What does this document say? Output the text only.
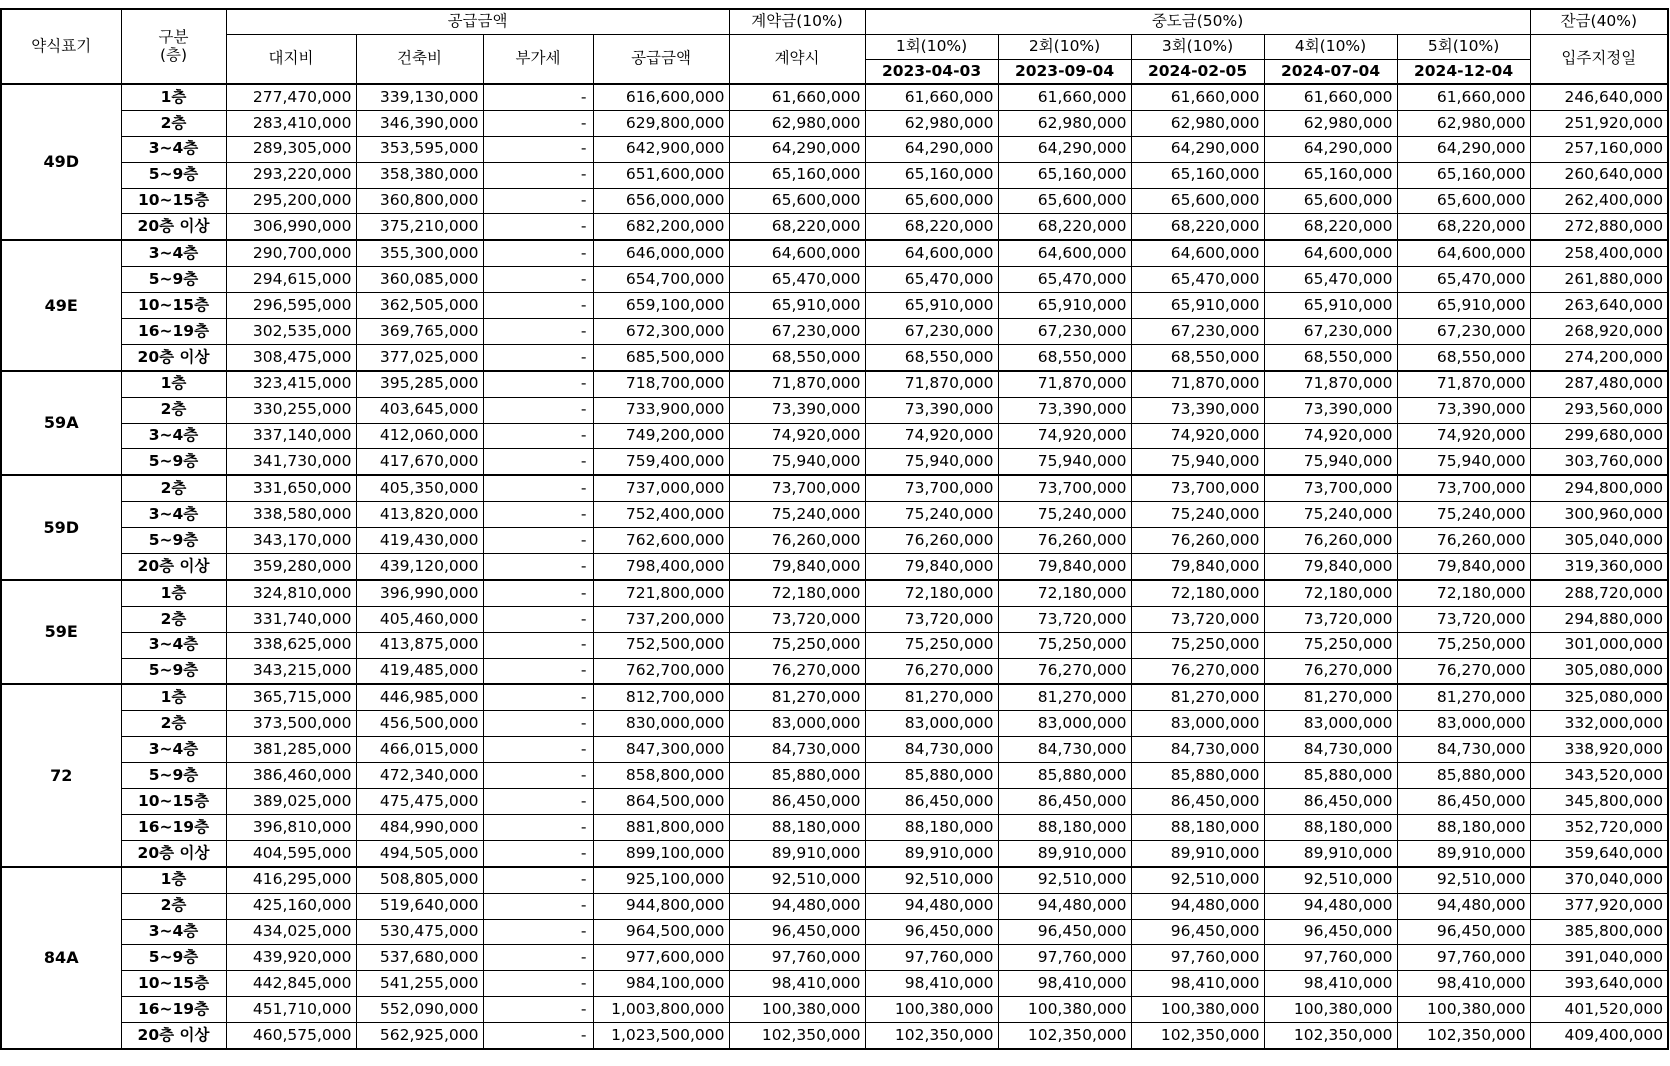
약식표기	구분
(층)	공급금액				계약금(10%)	중도금(50%)					잔금(40%)
		대지비	건축비	부가세	공급금액	계약시	1회(10%)	2회(10%)	3회(10%)	4회(10%)	5회(10%)	입주지정일
							2023-04-03	2023-09-04	2024-02-05	2024-07-04	2024-12-04	
49D	1층	277,470,000	339,130,000	-	616,600,000	61,660,000	61,660,000	61,660,000	61,660,000	61,660,000	61,660,000	246,640,000
	2층	283,410,000	346,390,000	-	629,800,000	62,980,000	62,980,000	62,980,000	62,980,000	62,980,000	62,980,000	251,920,000
	3~4층	289,305,000	353,595,000	-	642,900,000	64,290,000	64,290,000	64,290,000	64,290,000	64,290,000	64,290,000	257,160,000
	5~9층	293,220,000	358,380,000	-	651,600,000	65,160,000	65,160,000	65,160,000	65,160,000	65,160,000	65,160,000	260,640,000
	10~15층	295,200,000	360,800,000	-	656,000,000	65,600,000	65,600,000	65,600,000	65,600,000	65,600,000	65,600,000	262,400,000
	20층 이상	306,990,000	375,210,000	-	682,200,000	68,220,000	68,220,000	68,220,000	68,220,000	68,220,000	68,220,000	272,880,000
49E	3~4층	290,700,000	355,300,000	-	646,000,000	64,600,000	64,600,000	64,600,000	64,600,000	64,600,000	64,600,000	258,400,000
	5~9층	294,615,000	360,085,000	-	654,700,000	65,470,000	65,470,000	65,470,000	65,470,000	65,470,000	65,470,000	261,880,000
	10~15층	296,595,000	362,505,000	-	659,100,000	65,910,000	65,910,000	65,910,000	65,910,000	65,910,000	65,910,000	263,640,000
	16~19층	302,535,000	369,765,000	-	672,300,000	67,230,000	67,230,000	67,230,000	67,230,000	67,230,000	67,230,000	268,920,000
	20층 이상	308,475,000	377,025,000	-	685,500,000	68,550,000	68,550,000	68,550,000	68,550,000	68,550,000	68,550,000	274,200,000
59A	1층	323,415,000	395,285,000	-	718,700,000	71,870,000	71,870,000	71,870,000	71,870,000	71,870,000	71,870,000	287,480,000
	2층	330,255,000	403,645,000	-	733,900,000	73,390,000	73,390,000	73,390,000	73,390,000	73,390,000	73,390,000	293,560,000
	3~4층	337,140,000	412,060,000	-	749,200,000	74,920,000	74,920,000	74,920,000	74,920,000	74,920,000	74,920,000	299,680,000
	5~9층	341,730,000	417,670,000	-	759,400,000	75,940,000	75,940,000	75,940,000	75,940,000	75,940,000	75,940,000	303,760,000
59D	2층	331,650,000	405,350,000	-	737,000,000	73,700,000	73,700,000	73,700,000	73,700,000	73,700,000	73,700,000	294,800,000
	3~4층	338,580,000	413,820,000	-	752,400,000	75,240,000	75,240,000	75,240,000	75,240,000	75,240,000	75,240,000	300,960,000
	5~9층	343,170,000	419,430,000	-	762,600,000	76,260,000	76,260,000	76,260,000	76,260,000	76,260,000	76,260,000	305,040,000
	20층 이상	359,280,000	439,120,000	-	798,400,000	79,840,000	79,840,000	79,840,000	79,840,000	79,840,000	79,840,000	319,360,000
59E	1층	324,810,000	396,990,000	-	721,800,000	72,180,000	72,180,000	72,180,000	72,180,000	72,180,000	72,180,000	288,720,000
	2층	331,740,000	405,460,000	-	737,200,000	73,720,000	73,720,000	73,720,000	73,720,000	73,720,000	73,720,000	294,880,000
	3~4층	338,625,000	413,875,000	-	752,500,000	75,250,000	75,250,000	75,250,000	75,250,000	75,250,000	75,250,000	301,000,000
	5~9층	343,215,000	419,485,000	-	762,700,000	76,270,000	76,270,000	76,270,000	76,270,000	76,270,000	76,270,000	305,080,000
72	1층	365,715,000	446,985,000	-	812,700,000	81,270,000	81,270,000	81,270,000	81,270,000	81,270,000	81,270,000	325,080,000
	2층	373,500,000	456,500,000	-	830,000,000	83,000,000	83,000,000	83,000,000	83,000,000	83,000,000	83,000,000	332,000,000
	3~4층	381,285,000	466,015,000	-	847,300,000	84,730,000	84,730,000	84,730,000	84,730,000	84,730,000	84,730,000	338,920,000
	5~9층	386,460,000	472,340,000	-	858,800,000	85,880,000	85,880,000	85,880,000	85,880,000	85,880,000	85,880,000	343,520,000
	10~15층	389,025,000	475,475,000	-	864,500,000	86,450,000	86,450,000	86,450,000	86,450,000	86,450,000	86,450,000	345,800,000
	16~19층	396,810,000	484,990,000	-	881,800,000	88,180,000	88,180,000	88,180,000	88,180,000	88,180,000	88,180,000	352,720,000
	20층 이상	404,595,000	494,505,000	-	899,100,000	89,910,000	89,910,000	89,910,000	89,910,000	89,910,000	89,910,000	359,640,000
84A	1층	416,295,000	508,805,000	-	925,100,000	92,510,000	92,510,000	92,510,000	92,510,000	92,510,000	92,510,000	370,040,000
	2층	425,160,000	519,640,000	-	944,800,000	94,480,000	94,480,000	94,480,000	94,480,000	94,480,000	94,480,000	377,920,000
	3~4층	434,025,000	530,475,000	-	964,500,000	96,450,000	96,450,000	96,450,000	96,450,000	96,450,000	96,450,000	385,800,000
	5~9층	439,920,000	537,680,000	-	977,600,000	97,760,000	97,760,000	97,760,000	97,760,000	97,760,000	97,760,000	391,040,000
	10~15층	442,845,000	541,255,000	-	984,100,000	98,410,000	98,410,000	98,410,000	98,410,000	98,410,000	98,410,000	393,640,000
	16~19층	451,710,000	552,090,000	-	1,003,800,000	100,380,000	100,380,000	100,380,000	100,380,000	100,380,000	100,380,000	401,520,000
	20층 이상	460,575,000	562,925,000	-	1,023,500,000	102,350,000	102,350,000	102,350,000	102,350,000	102,350,000	102,350,000	409,400,000
